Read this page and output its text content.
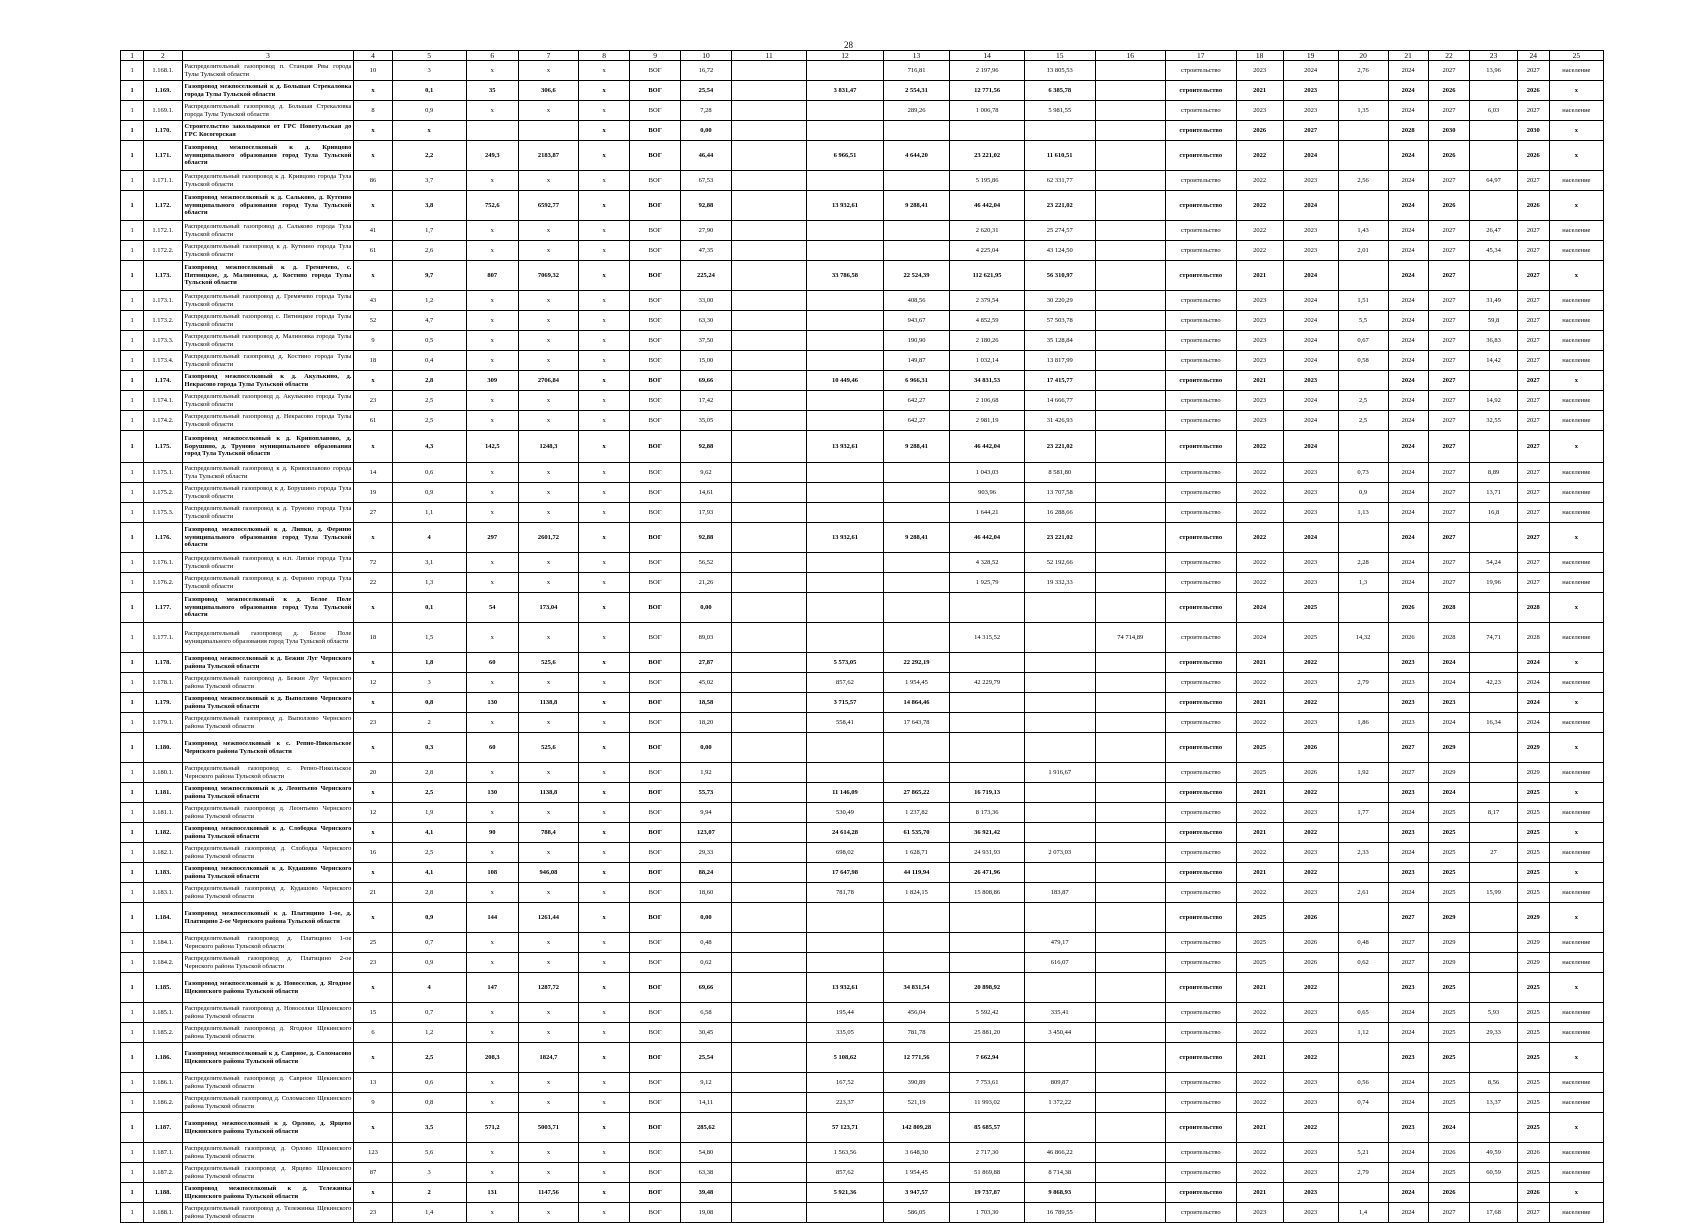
28
1	2	3	4	5	6	7	8	9	10	11	12	13	14	15	16	17	18	19	20	21	22	23	24	25
1	1.168.1.	Распределительный газопровод п. Станция Рвы города Тулы Тульской области	10	3	x	x	x	ВОГ	16,72			716,81	2 197,96	13 805,53		строительство	2023	2024	2,76	2024	2027	13,96	2027	население
1	1.169.	Газопровод межпоселковый к д. Большая Стрекаловка города Тулы Тульской области	x	0,1	35	306,6	x	ВОГ	25,54		3 831,47	2 554,31	12 771,56	6 385,78		строительство	2021	2023		2024	2026		2026	x
1	1.169.1.	Распределительный газопровод д. Большая Стрекаловка города Тулы Тульской области	8	0,9	x	x	x	ВОГ	7,28			289,26	1 006,78	5 981,55		строительство	2023	2023	1,35	2024	2027	6,03	2027	население
1	1.170.	Строительство закольцовки от ГРС Новотульская до ГРС Косогорская	x	x			x	ВОГ	0,00							строительство	2026	2027		2028	2030		2030	x
1	1.171.	Газопровод межпоселковый к д. Кривцово муниципального образования город Тула Тульской области	x	2,2	249,3	2183,87	x	ВОГ	46,44		6 966,51	4 644,20	23 221,02	11 610,51		строительство	2022	2024		2024	2026		2026	x
1	1.171.1.	Распределительный газопровод к д. Кривцово города Тула Тульской области	86	3,7	x	x	x	ВОГ	67,53				5 195,86	62 331,77		строительство	2022	2023	2,56	2024	2027	64,97	2027	население
1	1.172.	Газопровод межпоселковый к д. Сальково, д. Кутеино муниципального образования город Тула Тульской области	x	3,8	752,6	6592,77	x	ВОГ	92,88		13 932,61	9 288,41	46 442,04	23 221,02		строительство	2022	2024		2024	2026		2026	x
1	1.172.1.	Распределительный газопровод д. Сальково города Тула Тульской области	41	1,7	x	x	x	ВОГ	27,90				2 620,31	25 274,57		строительство	2022	2023	1,43	2024	2027	26,47	2027	население
1	1.172.2.	Распределительный газопровод к д. Кутеино города Тула Тульской области	61	2,6	x	x	x	ВОГ	47,35				4 225,04	43 124,50		строительство	2022	2023	2,01	2024	2027	45,34	2027	население
1	1.173.	Газопровод межпоселковый к д. Гремячево, с. Пятницкое, д. Малиновка, д. Костино города Тулы Тульской области	x	9,7	807	7069,32	x	ВОГ	225,24		33 786,58	22 524,39	112 621,95	56 310,97		строительство	2021	2024		2024	2027		2027	x
1	1.173.1.	Распределительный газопровод д. Гремячево города Тулы Тульской области	43	1,2	x	x	x	ВОГ	33,00			408,56	2 379,54	30 220,29		строительство	2023	2024	1,51	2024	2027	31,49	2027	население
1	1.173.2.	Распределительный газопровод с. Пятницкое города Тулы Тульской области	52	4,7	x	x	x	ВОГ	63,30			943,67	4 852,59	57 503,78		строительство	2023	2024	5,5	2024	2027	59,8	2027	население
1	1.173.3.	Распределительный газопровод д. Малиновка города Тулы Тульской области	9	0,5	x	x	x	ВОГ	37,50			190,90	2 180,26	35 128,84		строительство	2023	2024	0,67	2024	2027	36,83	2027	население
1	1.173.4.	Распределительный газопровод д. Костино города Тулы Тульской области	18	0,4	x	x	x	ВОГ	15,00			149,87	1 032,14	13 817,99		строительство	2023	2024	0,58	2024	2027	14,42	2027	население
1	1.174.	Газопровод межпоселковый к д. Акулькино, д. Некрасово города Тулы Тульской области	x	2,8	309	2706,84	x	ВОГ	69,66		10 449,46	6 966,31	34 831,53	17 415,77		строительство	2021	2023		2024	2027		2027	x
1	1.174.1.	Распределительный газопровод д. Акулькино города Тулы Тульской области	23	2,5	x	x	x	ВОГ	17,42			642,27	2 106,68	14 666,77		строительство	2023	2024	2,5	2024	2027	14,92	2027	население
1	1.174.2.	Распределительный газопровод д. Некрасово города Тулы Тульской области	61	2,5	x	x	x	ВОГ	35,05			642,27	2 981,19	31 426,93		строительство	2023	2024	2,5	2024	2027	32,55	2027	население
1	1.175.	Газопровод межпоселковый к д. Кривоплавово, д. Борушино, д. Труново муниципального образования город Тула Тульской области	x	4,3	142,5	1248,3	x	ВОГ	92,88		13 932,61	9 288,41	46 442,04	23 221,02		строительство	2022	2024		2024	2027		2027	x
1	1.175.1.	Распределительный газопровод к д. Кривоплавово города Тула Тульской области	14	0,6	x	x	x	ВОГ	9,62				1 043,03	8 581,80		строительство	2022	2023	0,73	2024	2027	8,89	2027	население
1	1.175.2.	Распределительный газопровод к д. Борушино города Тула Тульской области	19	0,9	x	x	x	ВОГ	14,61				903,96	13 707,58		строительство	2022	2023	0,9	2024	2027	13,71	2027	население
1	1.175.3.	Распределительный газопровод к д. Труново города Тула Тульской области	27	1,1	x	x	x	ВОГ	17,93				1 644,21	16 288,66		строительство	2022	2023	1,13	2024	2027	16,8	2027	население
1	1.176.	Газопровод межпоселковый к д. Липки, д. Фериню муниципального образования город Тула Тульской области	x	4	297	2601,72	x	ВОГ	92,88		13 932,61	9 288,41	46 442,04	23 221,02		строительство	2022	2024		2024	2027		2027	x
1	1.176.1.	Распределительный газопровод к н.п. Липки города Тула Тульской области	72	3,1	x	x	x	ВОГ	56,52				4 328,52	52 192,66		строительство	2022	2023	2,28	2024	2027	54,24	2027	население
1	1.176.2.	Распределительный газопровод к д. Фериню города Тула Тульской области	22	1,3	x	x	x	ВОГ	21,26				1 925,79	19 332,33		строительство	2022	2023	1,3	2024	2027	19,96	2027	население
1	1.177.	Газопровод межпоселковый к д. Белое Поле муниципального образования город Тула Тульской области	x	0,1	54	173,04	x	ВОГ	0,00							строительство	2024	2025		2026	2028		2028	x
1	1.177.1.	Распределительный газопровод д. Белое Поле муниципального образования город Тула Тульской области	18	1,5	x	x	x	ВОГ	89,03				14 315,52		74 714,89	строительство	2024	2025	14,32	2026	2028	74,71	2028	население
1	1.178.	Газопровод межпоселковый к д. Бежин Луг Чернского района Тульской области	x	1,8	60	525,6	x	ВОГ	27,87		5 573,05	22 292,19				строительство	2021	2022		2023	2024		2024	x
1	1.178.1.	Распределительный газопровод д. Бежин Луг Чернского района Тульской области	12	3	x	x	x	ВОГ	45,02		857,62	1 954,45	42 229,79			строительство	2022	2023	2,79	2023	2024	42,23	2024	население
1	1.179.	Газопровод межпоселковый к д. Выползово Чернского района Тульской области	x	0,8	130	1138,8	x	ВОГ	18,58		3 715,57	14 864,46				строительство	2021	2022		2023	2023		2024	x
1	1.179.1.	Распределительный газопровод д. Выползово Чернского района Тульской области	23	2	x	x	x	ВОГ	18,20		558,41	17 643,78				строительство	2022	2023	1,86	2023	2024	16,34	2024	население
1	1.180.	Газопровод межпоселковый к с. Репно-Никольское Чернского района Тульской области	x	0,3	60	525,6	x	ВОГ	0,00							строительство	2025	2026		2027	2029		2029	x
1	1.180.1.	Распределительный газопровод с. Репно-Никольское Чернского района Тульской области	20	2,8	x	x	x	ВОГ	1,92					1 916,67		строительство	2025	2026	1,92	2027	2029		2029	население
1	1.181.	Газопровод межпоселковый к д. Леонтьево Чернского района Тульской области	x	2,5	130	1138,8	x	ВОГ	55,73		11 146,09	27 865,22	16 719,13			строительство	2021	2022		2023	2024		2025	x
1	1.181.1.	Распределительный газопровод д. Леонтьево Чернского района Тульской области	12	1,9	x	x	x	ВОГ	9,94		530,49	1 237,82	8 173,36			строительство	2022	2023	1,77	2024	2025	8,17	2025	население
1	1.182.	Газопровод межпоселковый к д. Слободка Чернского района Тульской области	x	4,1	90	788,4	x	ВОГ	123,07		24 614,28	61 535,70	36 921,42			строительство	2021	2022		2023	2025		2025	x
1	1.182.1.	Распределительный газопровод д. Слободка Чернского района Тульской области	16	2,5	x	x	x	ВОГ	29,33		698,02	1 628,71	24 931,93	2 073,03		строительство	2022	2023	2,33	2024	2025	27	2025	население
1	1.183.	Газопровод межпоселковый к д. Кудашово Чернского района Тульской области	x	4,1	108	946,08	x	ВОГ	88,24		17 647,98	44 119,94	26 471,96			строительство	2021	2022		2023	2025		2025	x
1	1.183.1.	Распределительный газопровод д. Кудашово Чернского района Тульской области	21	2,8	x	x	x	ВОГ	18,60		781,78	1 824,15	15 808,86	183,87		строительство	2022	2023	2,61	2024	2025	15,99	2025	население
1	1.184.	Газопровод межпоселковый к д. Платицино 1-ое, д. Платицино 2-ое Чернского района Тульской области	x	0,9	144	1261,44	x	ВОГ	0,00							строительство	2025	2026		2027	2029		2029	x
1	1.184.1.	Распределительный газопровод д. Платицино 1-ое Чернского района Тульской области	25	0,7	x	x	x	ВОГ	0,48					479,17		строительство	2025	2026	0,48	2027	2029		2029	население
1	1.184.2.	Распределительный газопровод д. Платицино 2-ое Чернского района Тульской области	23	0,9	x	x	x	ВОГ	0,62					616,07		строительство	2025	2026	0,62	2027	2029		2029	население
1	1.185.	Газопровод межпоселковый к д. Новоселки, д. Ягодное Щекинского района Тульской области	x	4	147	1287,72	x	ВОГ	69,66		13 932,61	34 831,54	20 898,92			строительство	2021	2022		2023	2025		2025	x
1	1.185.1.	Распределительный газопровод д. Новоселки Щекинского района Тульской области	15	0,7	x	x	x	ВОГ	6,58		195,44	456,04	5 592,42	335,41		строительство	2022	2023	0,65	2024	2025	5,93	2025	население
1	1.185.2.	Распределительный газопровод д. Ягодное Щекинского района Тульской области	6	1,2	x	x	x	ВОГ	30,45		335,05	781,78	25 881,20	3 450,44		строительство	2022	2023	1,12	2024	2025	29,33	2025	население
1	1.186.	Газопровод межпоселковый к д. Саврное, д. Соломасово Щекинского района Тульской области	x	2,5	208,3	1824,7	x	ВОГ	25,54		5 108,62	12 771,56	7 662,94			строительство	2021	2022		2023	2025		2025	x
1	1.186.1.	Распределительный газопровод д. Саврное Щекинского района Тульской области	13	0,6	x	x	x	ВОГ	9,12		167,52	390,89	7 753,61	809,87		строительство	2022	2023	0,56	2024	2025	8,56	2025	население
1	1.186.2.	Распределительный газопровод д. Соломасово Щекинского района Тульской области	9	0,8	x	x	x	ВОГ	14,11		223,37	521,19	11 993,02	1 372,22		строительство	2022	2023	0,74	2024	2025	13,37	2025	население
1	1.187.	Газопровод межпоселковый к д. Орлово, д. Ярцево Щекинского района Тульской области	x	3,5	571,2	5003,71	x	ВОГ	285,62		57 123,71	142 809,28	85 685,57			строительство	2021	2022		2023	2024		2025	x
1	1.187.1.	Распределительный газопровод д. Орлово Щекинского района Тульской области	123	5,6	x	x	x	ВОГ	54,80		1 563,56	3 648,30	2 717,30	46 866,22		строительство	2022	2023	5,21	2024	2026	49,59	2026	население
1	1.187.2.	Распределительный газопровод д. Ярцево Щекинского района Тульской области	87	3	x	x	x	ВОГ	63,38		857,62	1 954,45	51 869,88	8 714,38		строительство	2022	2023	2,79	2024	2025	60,59	2025	население
1	1.188.	Газопровод межпоселковый к д. Тележинка Щекинского района Тульской области	x	2	131	1147,56	x	ВОГ	39,48		5 921,36	3 947,57	19 737,87	9 868,93		строительство	2021	2023		2024	2026		2026	x
1	1.188.1.	Распределительный газопровод д. Тележинка Щекинского района Тульской области	23	1,4	x	x	x	ВОГ	19,08			586,05	1 703,30	16 789,55		строительство	2023	2023	1,4	2024	2027	17,68	2027	население
